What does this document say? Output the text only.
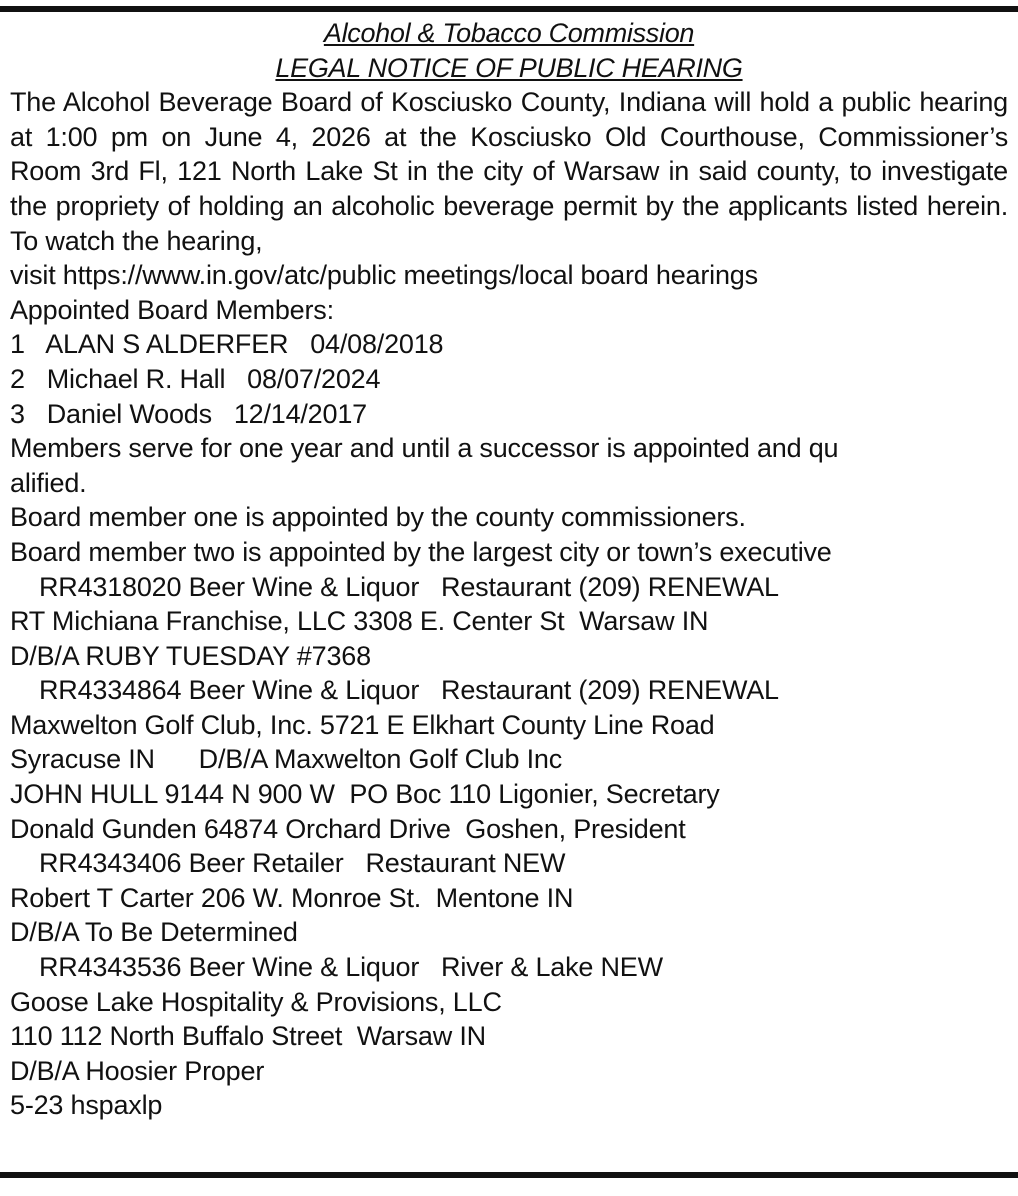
Alcohol & Tobacco Commission
LEGAL NOTICE OF PUBLIC HEARING
The Alcohol Beverage Board of Kosciusko County, Indiana will hold a public hearing at 1:00 pm on June 4, 2026 at the Kosciusko Old Courthouse, Commissioner’s Room 3rd Fl, 121 North Lake St in the city of Warsaw in said county, to investigate the propriety of holding an alcoholic beverage permit by the applicants listed herein. To watch the hearing,
visit https://www.in.gov/atc/public meetings/local board hearings
Appointed Board Members:
1   ALAN S ALDERFER   04/08/2018
2   Michael R. Hall   08/07/2024
3   Daniel Woods   12/14/2017
Members serve for one year and until a successor is appointed and qu
alified.
Board member one is appointed by the county commissioners.
Board member two is appointed by the largest city or town’s executive
RR4318020 Beer Wine & Liquor   Restaurant (209) RENEWAL
RT Michiana Franchise, LLC 3308 E. Center St  Warsaw IN
D/B/A RUBY TUESDAY #7368
RR4334864 Beer Wine & Liquor   Restaurant (209) RENEWAL
Maxwelton Golf Club, Inc. 5721 E Elkhart County Line Road
Syracuse IN      D/B/A Maxwelton Golf Club Inc
JOHN HULL 9144 N 900 W  PO Boc 110 Ligonier, Secretary
Donald Gunden 64874 Orchard Drive  Goshen, President
RR4343406 Beer Retailer   Restaurant NEW
Robert T Carter 206 W. Monroe St.  Mentone IN
D/B/A To Be Determined
RR4343536 Beer Wine & Liquor   River & Lake NEW
Goose Lake Hospitality & Provisions, LLC
110 112 North Buffalo Street  Warsaw IN
D/B/A Hoosier Proper
5-23 hspaxlp
